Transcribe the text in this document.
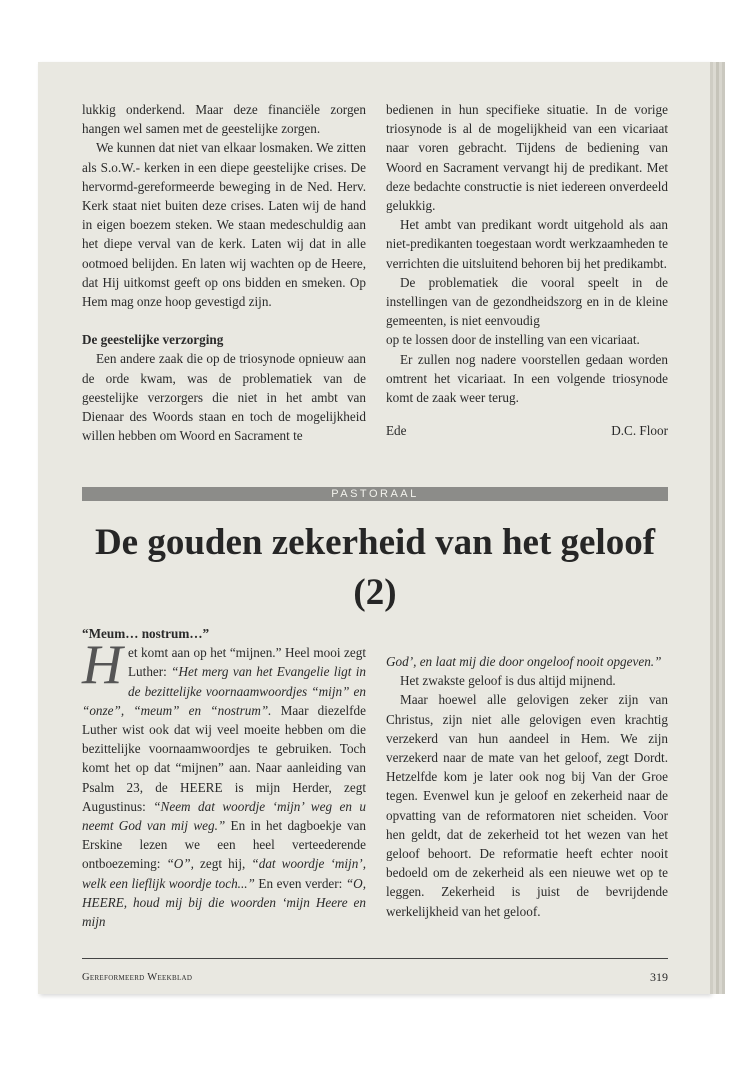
lukkig onderkend. Maar deze financiële zorgen hangen wel samen met de geestelijke zorgen.

We kunnen dat niet van elkaar losmaken. We zitten als S.o.W.- kerken in een diepe geestelijke crises. De hervormd-gereformeerde beweging in de Ned. Herv. Kerk staat niet buiten deze crises. Laten wij de hand in eigen boezem steken. We staan medeschuldig aan het diepe verval van de kerk. Laten wij dat in alle ootmoed belijden. En laten wij wachten op de Heere, dat Hij uitkomst geeft op ons bidden en smeken. Op Hem mag onze hoop gevestigd zijn.

De geestelijke verzorging

Een andere zaak die op de triosynode opnieuw aan de orde kwam, was de problematiek van de geestelijke verzorgers die niet in het ambt van Dienaar des Woords staan en toch de mogelijkheid willen hebben om Woord en Sacrament te

bedienen in hun specifieke situatie. In de vorige triosynode is al de mogelijkheid van een vicariaat naar voren gebracht. Tijdens de bediening van Woord en Sacrament vervangt hij de predikant. Met deze bedachte constructie is niet iedereen onverdeeld gelukkig.

Het ambt van predikant wordt uitgehold als aan niet-predikanten toegestaan wordt werkzaamheden te verrichten die uitsluitend behoren bij het predikambt.

De problematiek die vooral speelt in de instellingen van de gezondheidszorg en in de kleine gemeenten, is niet eenvoudig

op te lossen door de instelling van een vicariaat.

Er zullen nog nadere voorstellen gedaan worden omtrent het vicariaat. In een volgende triosynode komt de zaak weer terug.

Ede	D.C. Floor
PASTORAAL
De gouden zekerheid van het geloof
(2)

“Meum… nostrum…”

Het komt aan op het “mijnen.” Heel mooi zegt Luther: “Het merg van het Evangelie ligt in de bezittelijke voornaamwoordjes “mijn” en “onze”, “meum” en “nostrum”. Maar diezelfde Luther wist ook dat wij veel moeite hebben om die bezittelijke voornaamwoordjes te gebruiken. Toch komt het op dat “mijnen” aan. Naar aanleiding van Psalm 23, de HEERE is mijn Herder, zegt Augustinus: “Neem dat woordje ‘mijn’ weg en u neemt God van mij weg.” En in het dagboekje van Erskine lezen we een heel verteederende ontboezeming: “O”, zegt hij, “dat woordje ‘mijn’, welk een lieflijk woordje toch...” En even verder: “O, HEERE, houd mij bij die woorden ‘mijn Heere en mijn

God’, en laat mij die door ongeloof nooit opgeven.”

Het zwakste geloof is dus altijd mijnend.

Maar hoewel alle gelovigen zeker zijn van Christus, zijn niet alle gelovigen even krachtig verzekerd van hun aandeel in Hem. We zijn verzekerd naar de mate van het geloof, zegt Dordt. Hetzelfde kom je later ook nog bij Van der Groe tegen. Evenwel kun je geloof en zekerheid naar de opvatting van de reformatoren niet scheiden. Voor hen geldt, dat de zekerheid tot het wezen van het geloof behoort. De reformatie heeft echter nooit bedoeld om de zekerheid als een nieuwe wet op te leggen. Zekerheid is juist de bevrijdende werkelijkheid van het geloof.

Gereformeerd Weekblad	319
